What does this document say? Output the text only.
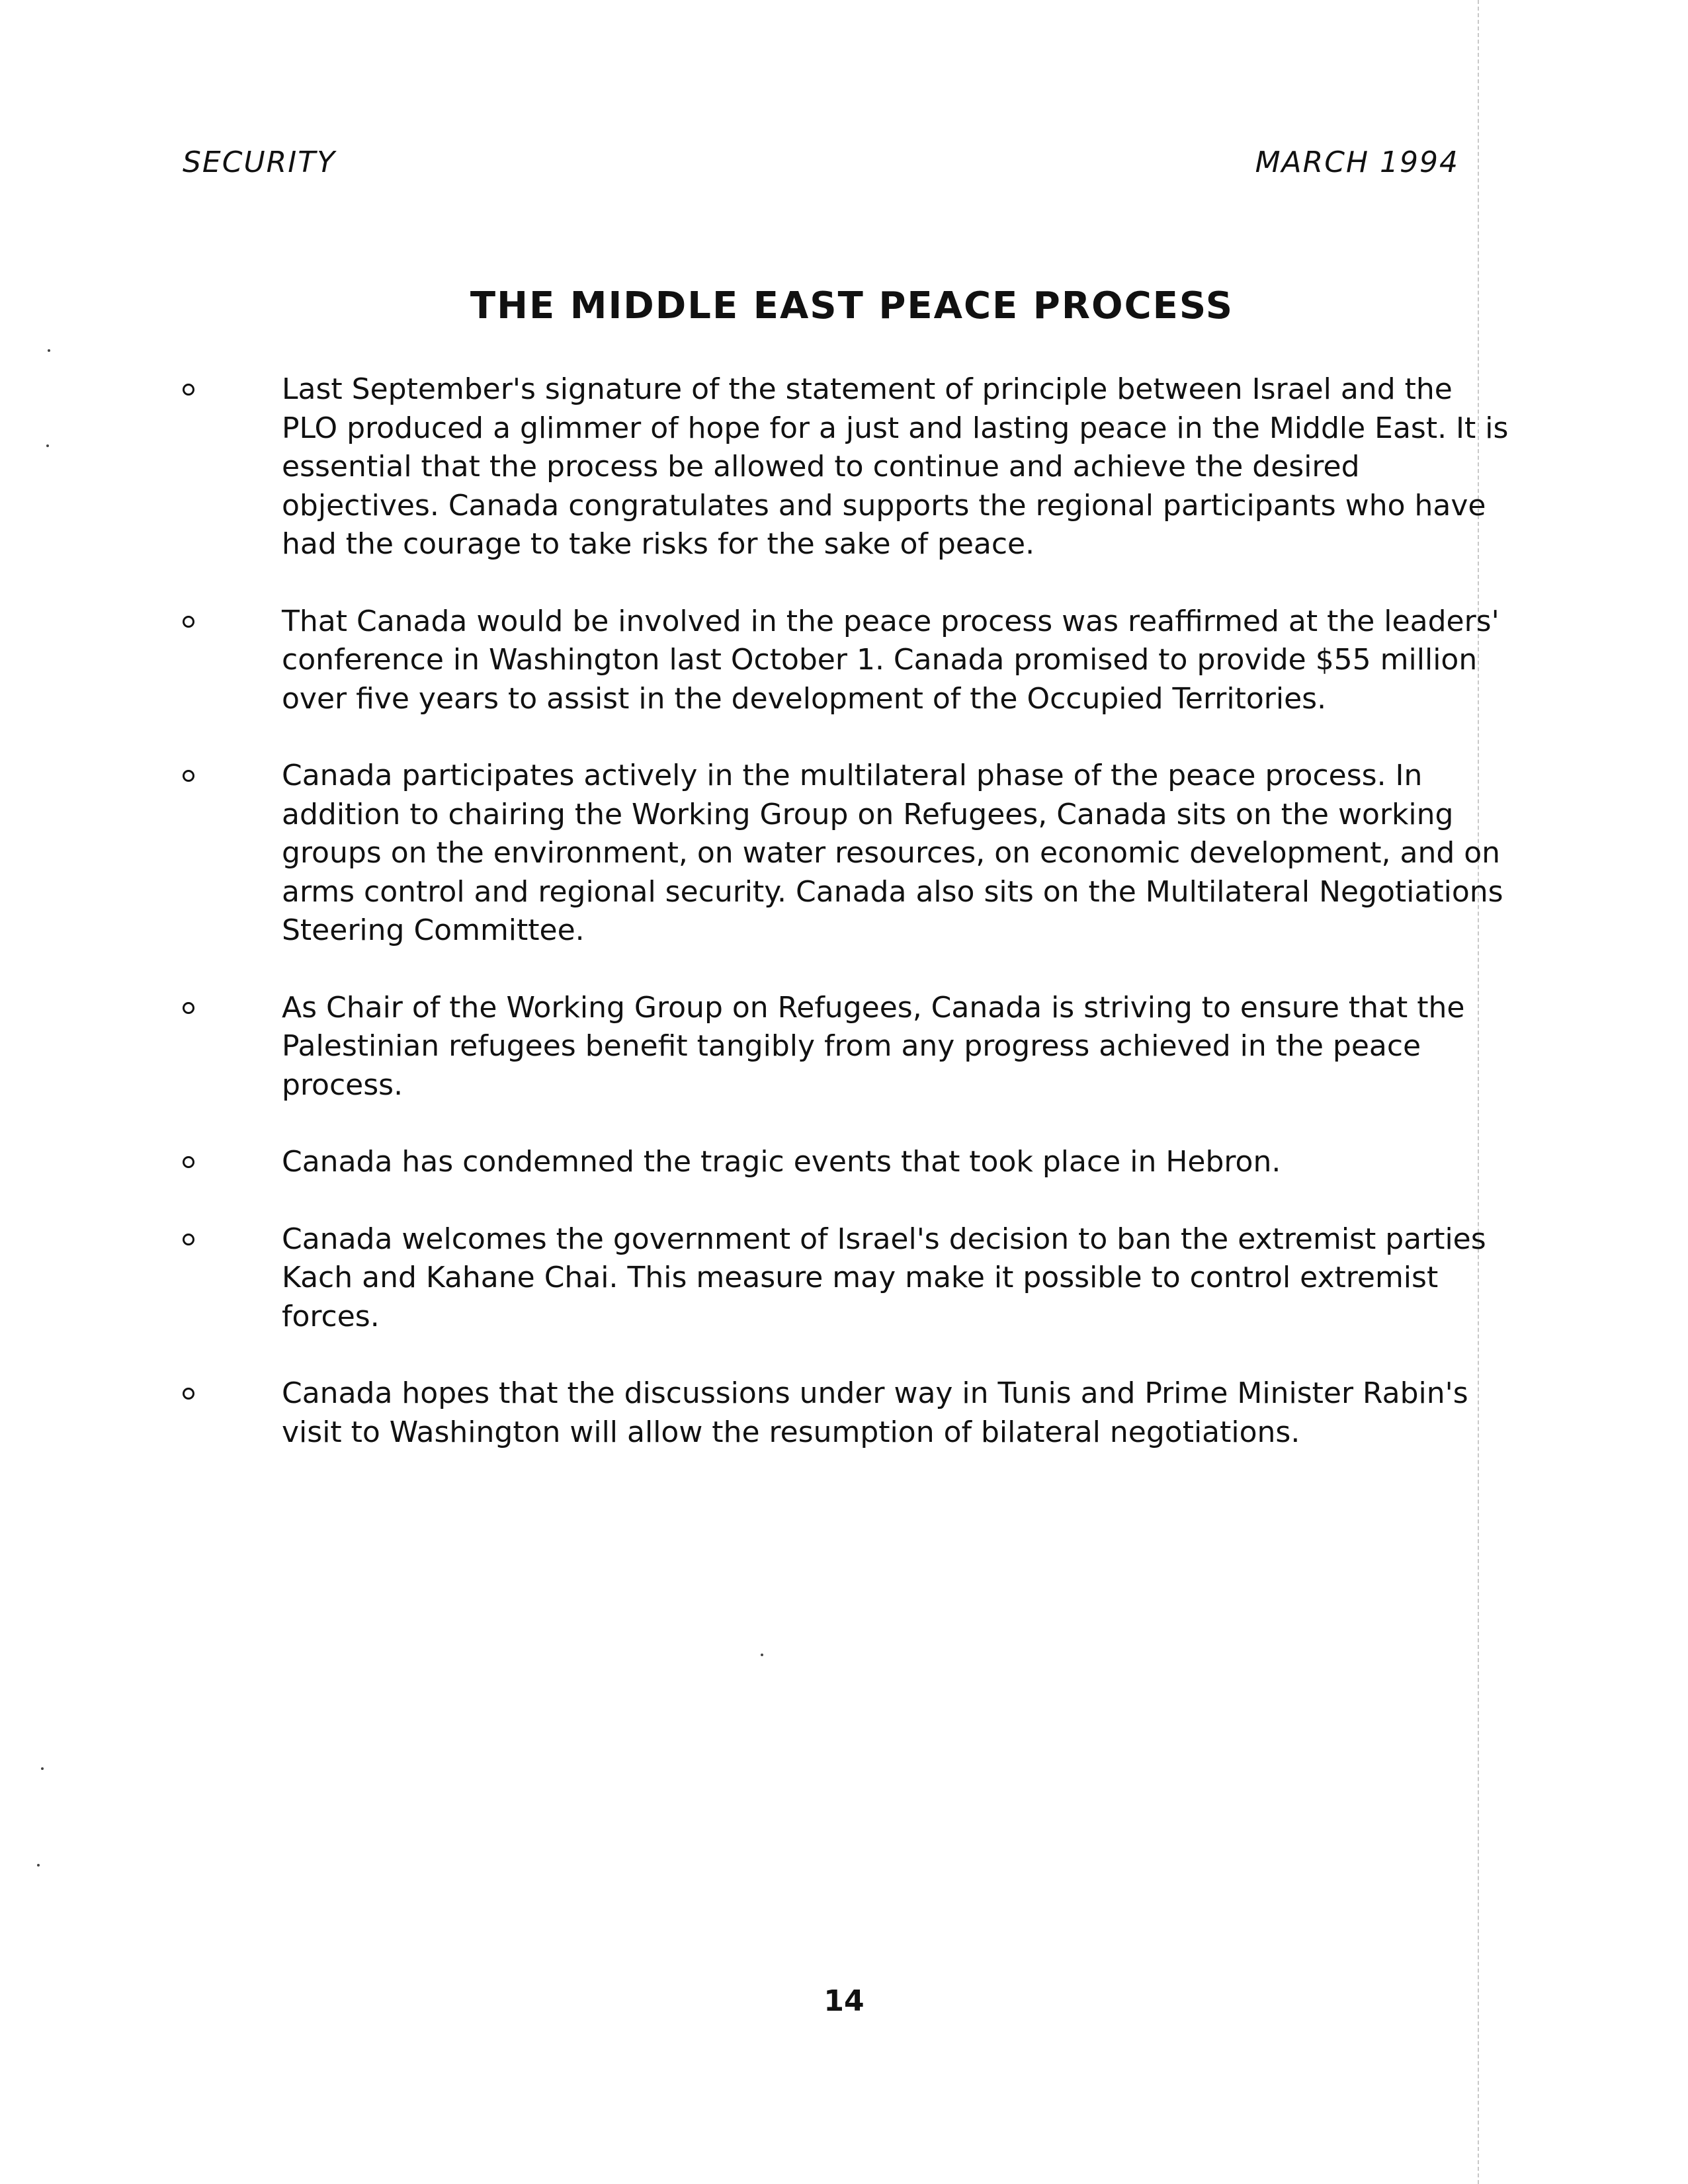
SECURITY	MARCH 1994
THE MIDDLE EAST PEACE PROCESS
Last September's signature of the statement of principle between Israel and the PLO produced a glimmer of hope for a just and lasting peace in the Middle East. It is essential that the process be allowed to continue and achieve the desired objectives. Canada congratulates and supports the regional participants who have had the courage to take risks for the sake of peace.
That Canada would be involved in the peace process was reaffirmed at the leaders' conference in Washington last October 1. Canada promised to provide $55 million over five years to assist in the development of the Occupied Territories.
Canada participates actively in the multilateral phase of the peace process. In addition to chairing the Working Group on Refugees, Canada sits on the working groups on the environment, on water resources, on economic development, and on arms control and regional security. Canada also sits on the Multilateral Negotiations Steering Committee.
As Chair of the Working Group on Refugees, Canada is striving to ensure that the Palestinian refugees benefit tangibly from any progress achieved in the peace process.
Canada has condemned the tragic events that took place in Hebron.
Canada welcomes the government of Israel's decision to ban the extremist parties Kach and Kahane Chai. This measure may make it possible to control extremist forces.
Canada hopes that the discussions under way in Tunis and Prime Minister Rabin's visit to Washington will allow the resumption of bilateral negotiations.
14
